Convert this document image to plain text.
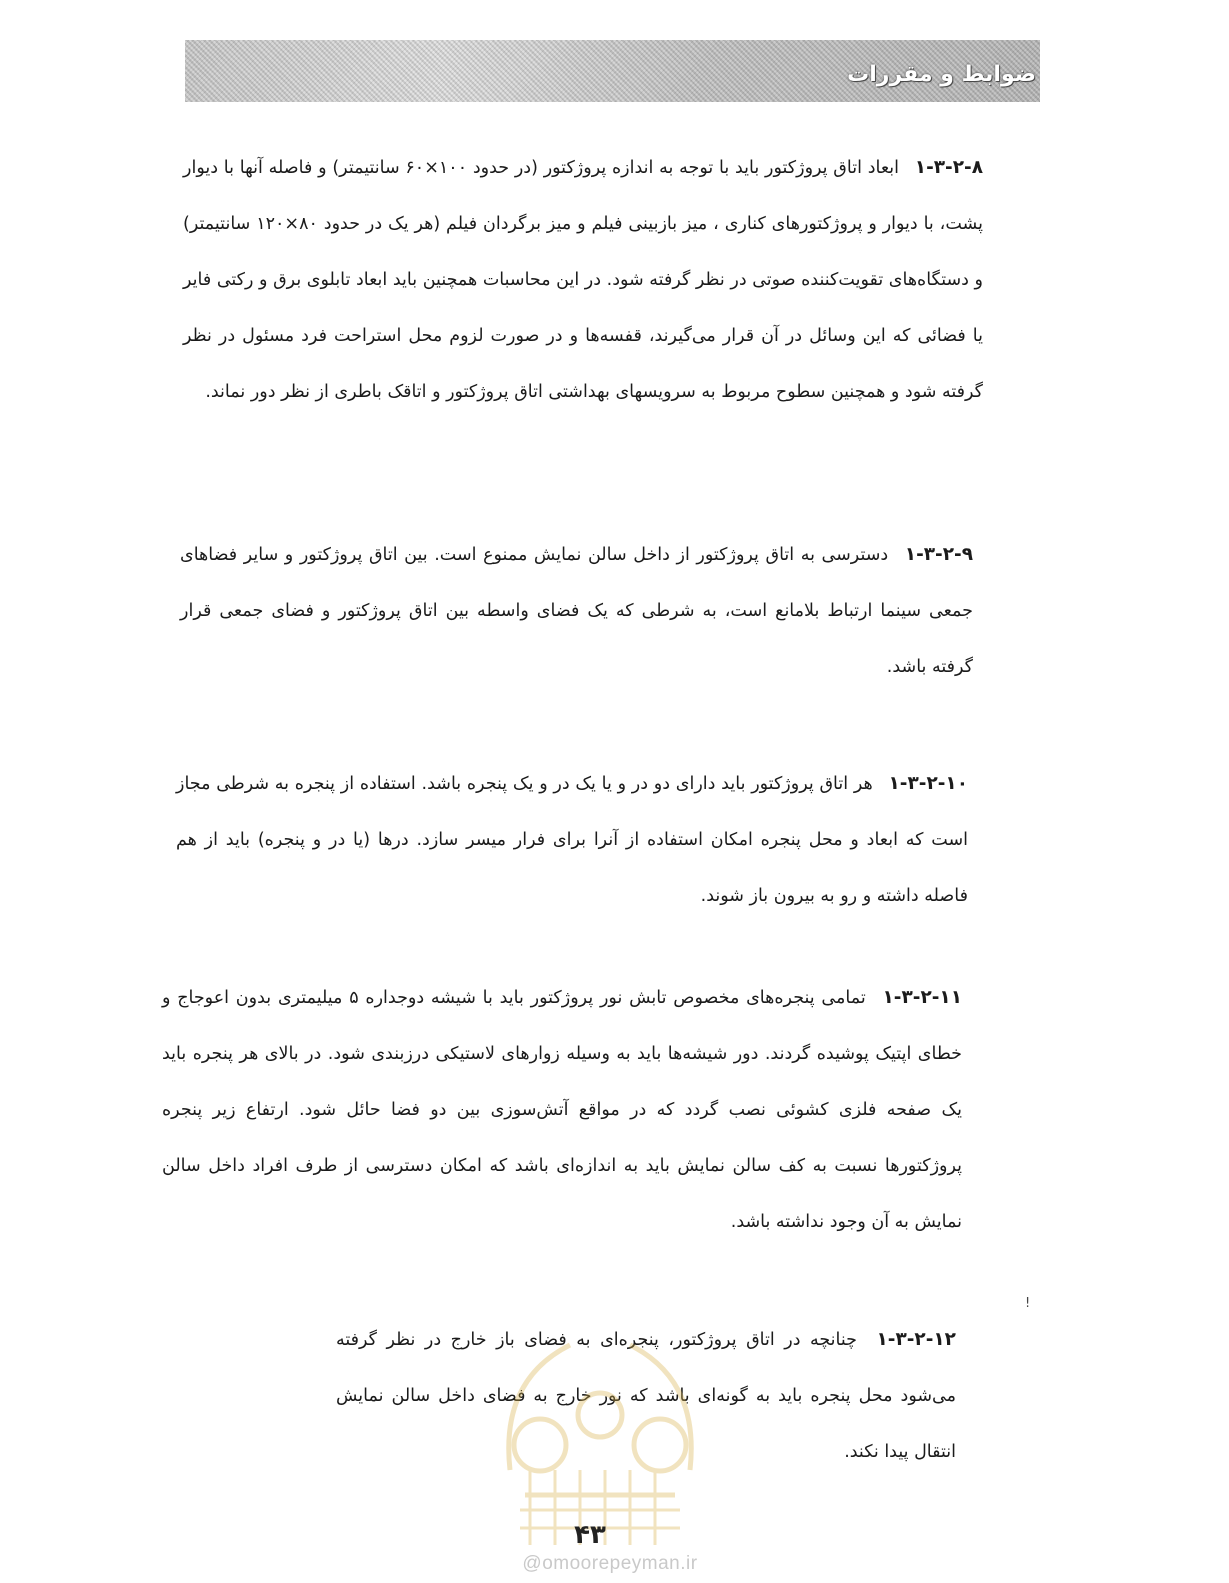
ضوابط و مقررات
۱-۳-۲-۸ ابعاد اتاق پروژکتور باید با توجه به اندازه پروژکتور (در حدود ۱۰۰×۶۰ سانتیمتر) و فاصله آنها با دیوار پشت، با دیوار و پروژکتورهای کناری ، میز بازبینی فیلم و میز برگردان فیلم (هر یک در حدود ۸۰×۱۲۰ سانتیمتر) و دستگاه‌های تقویت‌کننده صوتی در نظر گرفته شود. در این محاسبات همچنین باید ابعاد تابلوی برق و رکتی فایر یا فضائی که این وسائل در آن قرار می‌گیرند، قفسه‌ها و در صورت لزوم محل استراحت فرد مسئول در نظر گرفته شود و همچنین سطوح مربوط به سرویسهای بهداشتی اتاق پروژکتور و اتاقک باطری از نظر دور نماند.
۱-۳-۲-۹ دسترسی به اتاق پروژکتور از داخل سالن نمایش ممنوع است. بین اتاق پروژکتور و سایر فضاهای جمعی سینما ارتباط بلامانع است، به شرطی که یک فضای واسطه بین اتاق پروژکتور و فضای جمعی قرار گرفته باشد.
۱-۳-۲-۱۰ هر اتاق پروژکتور باید دارای دو در و یا یک در و یک پنجره باشد. استفاده از پنجره به شرطی مجاز است که ابعاد و محل پنجره امکان استفاده از آنرا برای فرار میسر سازد. درها (یا در و پنجره) باید از هم فاصله داشته و رو به بیرون باز شوند.
۱-۳-۲-۱۱ تمامی پنجره‌های مخصوص تابش نور پروژکتور باید با شیشه دوجداره ۵ میلیمتری بدون اعوجاج و خطای اپتیک پوشیده گردند. دور شیشه‌ها باید به وسیله زوارهای لاستیکی درزبندی شود. در بالای هر پنجره باید یک صفحه فلزی کشوئی نصب گردد که در مواقع آتش‌سوزی بین دو فضا حائل شود. ارتفاع زیر پنجره پروژکتورها نسبت به کف سالن نمایش باید به اندازه‌ای باشد که امکان دسترسی از طرف افراد داخل سالن نمایش به آن وجود نداشته باشد.
۱-۳-۲-۱۲ چنانچه در اتاق پروژکتور، پنجره‌ای به فضای باز خارج در نظر گرفته می‌شود محل پنجره باید به گونه‌ای باشد که نور خارج به فضای داخل سالن نمایش انتقال پیدا نکند.
!
۴۳
@omoorepeyman.ir
